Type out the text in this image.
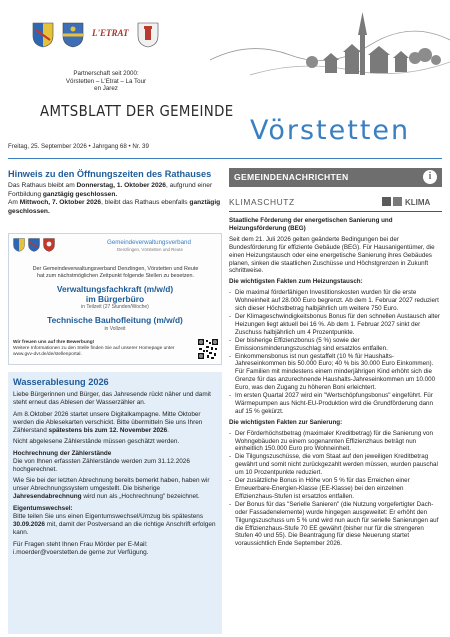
L'ETRAT
Partnerschaft seit 2000:
Vörstetten – L'Etrat – La Tour en Jarez
AMTSBLATT DER GEMEINDE
Vörstetten
Freitag, 25. September 2026 • Jahrgang 68 • Nr. 39
Hinweis zu den Öffnungszeiten des Rathauses
Das Rathaus bleibt am Donnerstag, 1. Oktober 2026, aufgrund einer Fortbildung ganztägig geschlossen.
Am Mittwoch, 7. Oktober 2026, bleibt das Rathaus ebenfalls ganztägig geschlossen.
Gemeindeverwaltungsverband
Denzlingen, Vörstetten und Reute
Der Gemeindeverwaltungsverband Denzlingen, Vörstetten und Reute
hat zum nächstmöglichen Zeitpunkt folgende Stellen zu besetzen.
Verwaltungsfachkraft (m/w/d)
im Bürgerbüro
in Teilzeit (27 Stunden/Woche)
Technische Bauhofleitung (m/w/d)
in Vollzeit
Wir freuen uns auf Ihre Bewerbung!
Weitere Informationen zu den Stelle finden Sie auf unserer Homepage unter www.gvv-dvr.de/de/stellenportal.
Wasserablesung 2026

Liebe Bürgerinnen und Bürger, das Jahresende rückt näher und damit steht erneut das Ablesen der Wasserzähler an.

Am 8.Oktober 2026 startet unsere Digitalkampagne. Mitte Oktober werden die Ablesekarten verschickt. Bitte übermitteln Sie uns Ihren Zählerstand spätestens bis zum 12. November 2026.

Nicht abgelesene Zählerstände müssen geschätzt werden.

Hochrechnung der Zählerstände

Die von Ihnen erfassten Zählerstände werden zum 31.12.2026 hochgerechnet.

Wie Sie bei der letzten Abrechnung bereits bemerkt haben, haben wir unser Abrechnungssystem umgestellt. Die bisherige Jahresendabrechnung wird nun als „Hochrechnung" bezeichnet.

Eigentumswechsel:

Bitte teilen Sie uns einen Eigentumswechsel/Umzug bis spätestens 30.09.2026 mit, damit der Postversand an die richtige Anschrift erfolgen kann.

Für Fragen steht Ihnen Frau Mörder per E-Mail: i.moerder@voerstetten.de gerne zur Verfügung.

GEMEINDENACHRICHTEN	i
KLIMASCHUTZ	KLIMA

Staatliche Förderung der energetischen Sanierung und Heizungsförderung (BEG)

Seit dem 21. Juli 2026 gelten geänderte Bedingungen bei der Bundesförderung für effiziente Gebäude (BEG). Für Hausanigentümer, die einen Heizungstausch oder eine energetische Sanierung ihres Gebäudes planen, sinken die staatlichen Zuschüsse und Höchstgrenzen in Zukunft schrittweise.

Die wichtigsten Fakten zum Heizungstausch:

- Die maximal förderfähigen Investitionskosten wurden für die erste Wohneinheit auf 28.000 Euro begrenzt. Ab dem 1. Februar 2027 reduziert sich dieser Höchstbetrag halbjährlich um weitere 750 Euro.
- Der Klimageschwindigkeitsbonus Bonus für den schnellen Austausch alter Heizungen liegt aktuell bei 16 %. Ab dem 1. Februar 2027 sinkt der Zuschuss halbjährlich um 4 Prozentpunkte.
- Der bisherige Effizienzbonus (5 %) sowie der Emissionsminderungszuschlag sind ersatzlos entfallen.
- Einkommensbonus ist nun gestaffelt (10 % für Haushalts-Jahreseinkommen bis 50.000 Euro; 40 % bis 30.000 Euro Einkommen). Für Familien mit mindestens einem minderjährigen Kind erhöht sich die Grenze für das anzurechnende Haushalts-Jahreseinkommen um 10.000 Euro, was den Zugang zu höheren Boni erleichtert.
- Im ersten Quartal 2027 wird ein "Wertschöpfungsbonus" eingeführt. Für Wärmepumpen aus Nicht-EU-Produktion wird die Grundförderung dann auf 15 % gekürzt.

Die wichtigsten Fakten zur Sanierung:

- Der Förderhöchstbetrag (maximaler Kreditbetrag) für die Sanierung von Wohngebäuden zu einem sogenannten Effizienzhaus beträgt nun einheitlich 150.000 Euro pro Wohneinheit.
- Die Tilgungszuschüsse, die vom Staat auf den jeweiligen Kreditbetrag gewährt und somit nicht zurückgezahlt werden müssen, wurden pauschal um 10 Prozentpunkte reduziert.
- Der zusätzliche Bonus in Höhe von 5 % für das Erreichen einer Erneuerbare-Energien-Klasse (EE-Klasse) bei den einzelnen Effizienzhaus-Stufen ist ersatzlos entfallen.
- Der Bonus für das "Serielle Sanieren" (die Nutzung vorgefertigter Dach- oder Fassadenelemente) wurde hingegen ausgeweitet: Er erhöht den Tilgungszuschuss um 5 % und wird nun auch für serielle Sanierungen auf die Effizienzhaus-Stufe 70 EE gewährt (bisher nur für die strengeren Stufen 40 und 55). Die Beantragung für diese Neuerung startet voraussichtlich Ende September 2026.
